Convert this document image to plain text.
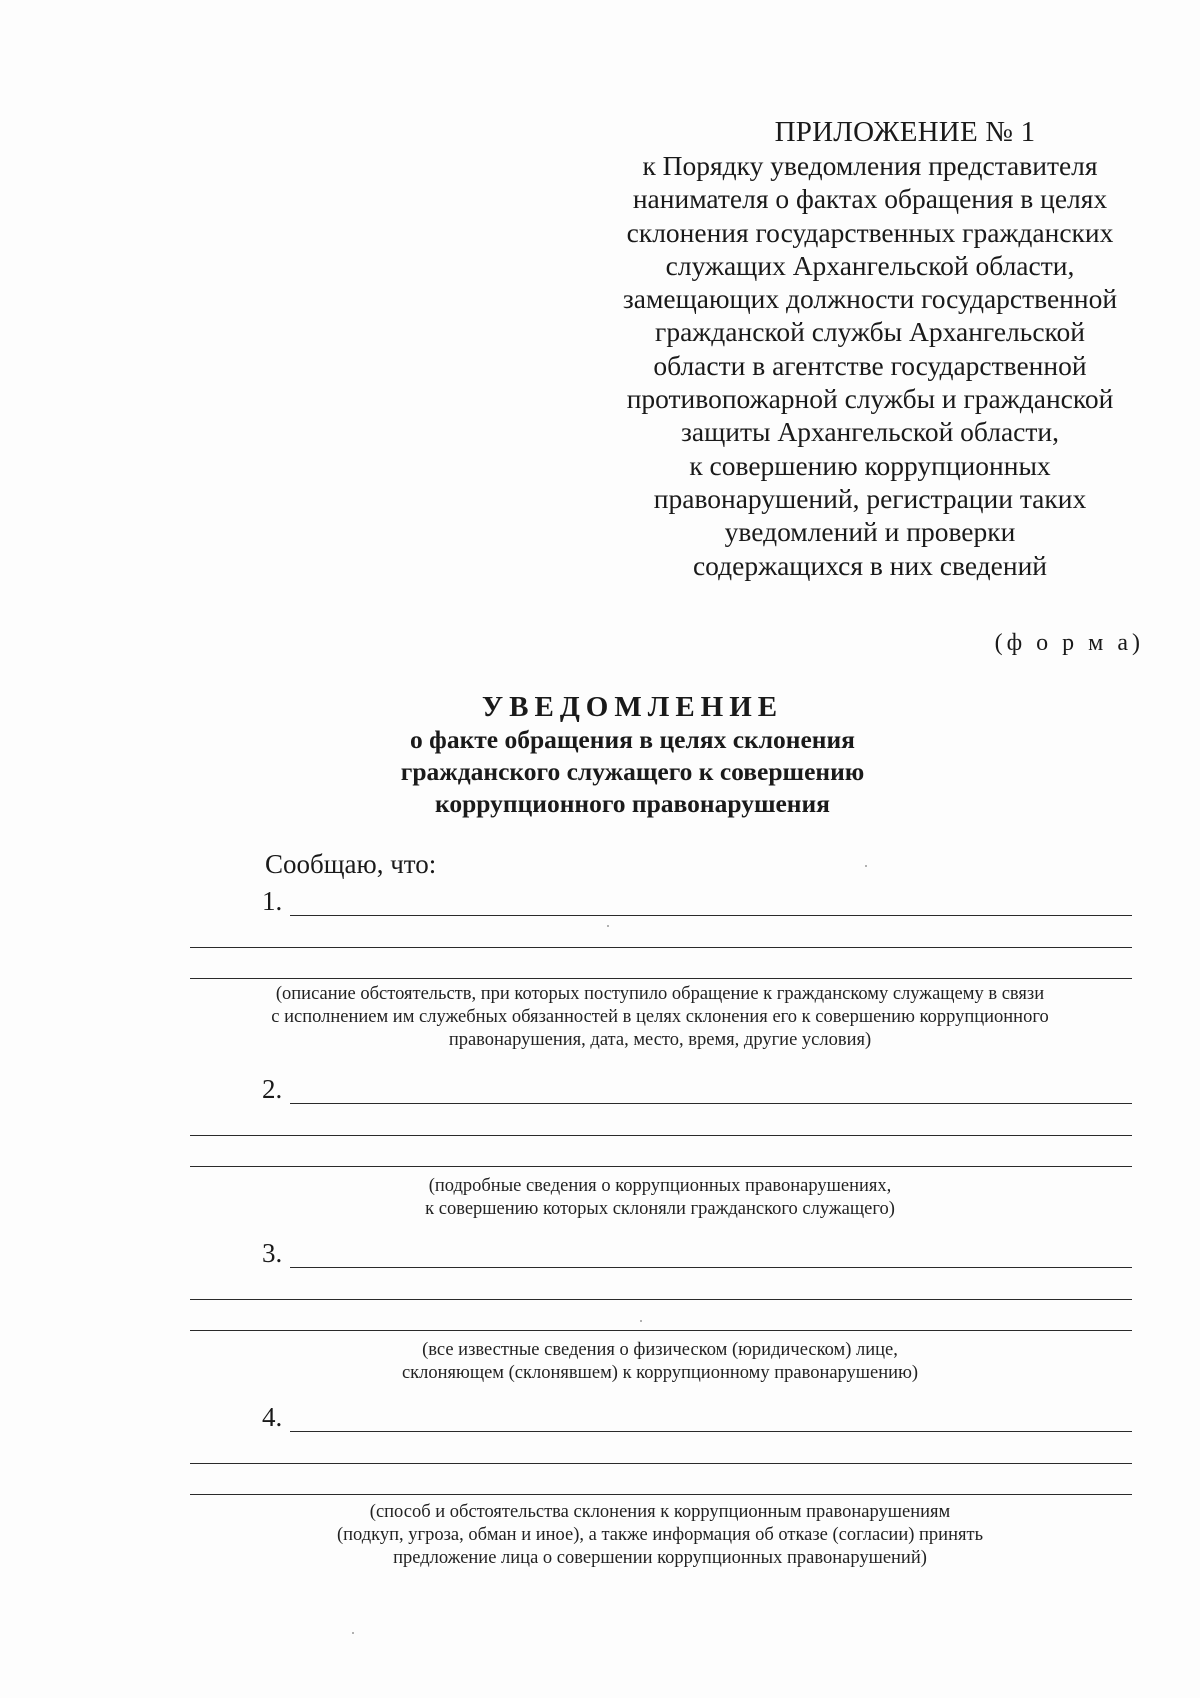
ПРИЛОЖЕНИЕ № 1
к Порядку уведомления представителя
нанимателя о фактах обращения в целях
склонения государственных гражданских
служащих Архангельской области,
замещающих должности государственной
гражданской службы Архангельской
области в агентстве государственной
противопожарной службы и гражданской
защиты Архангельской области,
к совершению коррупционных
правонарушений, регистрации таких
уведомлений и проверки
содержащихся в них сведений
(ф о р м а)
УВЕДОМЛЕНИЕ
о факте обращения в целях склонения
гражданского служащего к совершению
коррупционного правонарушения
Сообщаю, что:
1.
(описание обстоятельств, при которых поступило обращение к гражданскому служащему в связи
с исполнением им служебных обязанностей в целях склонения его к совершению коррупционного
правонарушения, дата, место, время, другие условия)
2.
(подробные сведения о коррупционных правонарушениях,
к совершению которых склоняли гражданского служащего)
3.
(все известные сведения о физическом (юридическом) лице,
склоняющем (склонявшем) к коррупционному правонарушению)
4.
(способ и обстоятельства склонения к коррупционным правонарушениям
(подкуп, угроза, обман и иное), а также информация об отказе (согласии) принять
предложение лица о совершении коррупционных правонарушений)
